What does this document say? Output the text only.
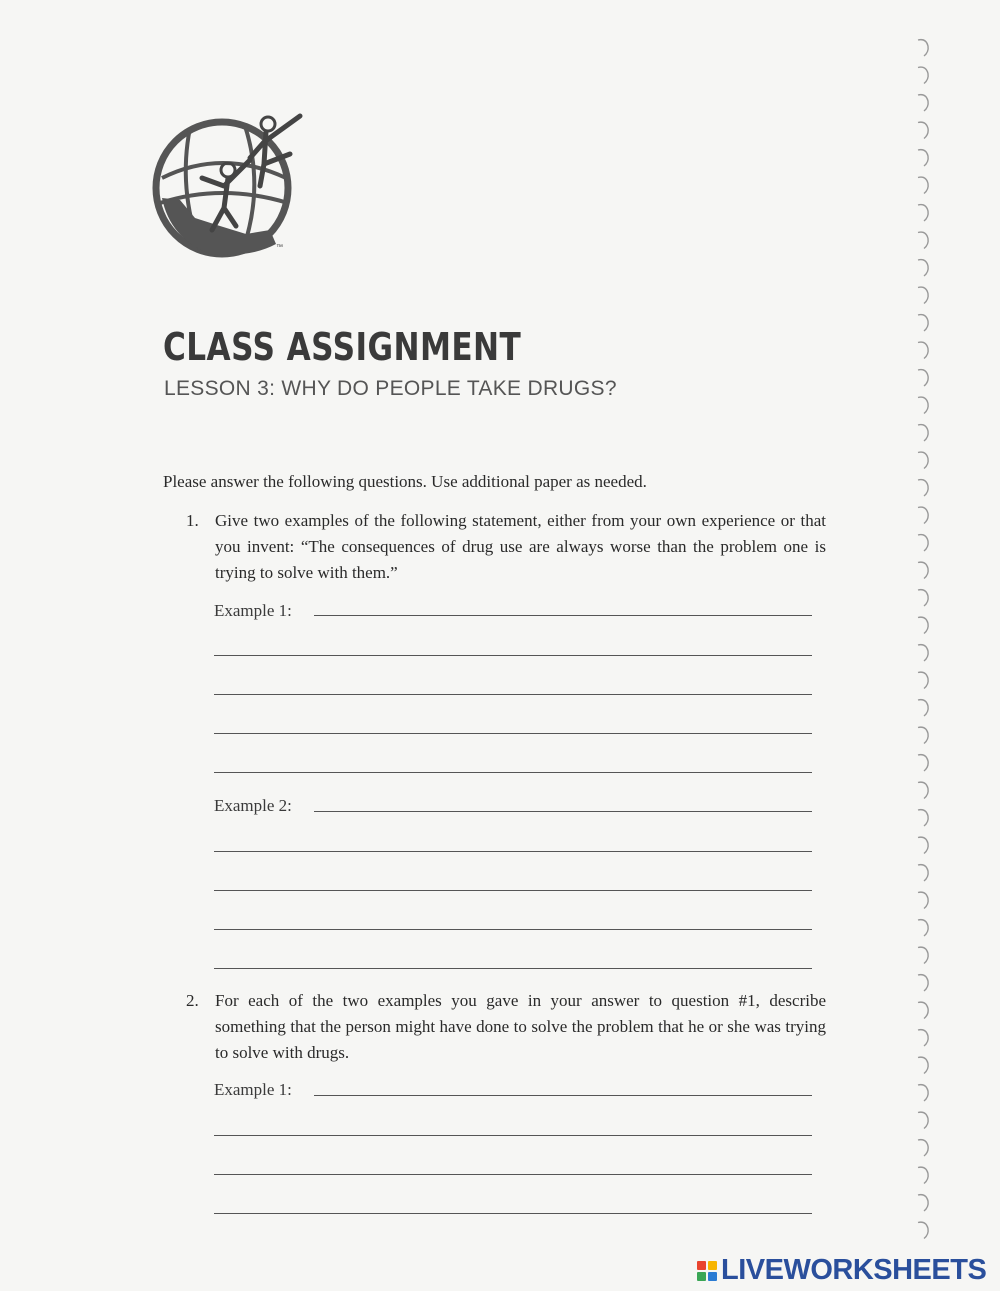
™
CLASS ASSIGNMENT
LESSON 3: WHY DO PEOPLE TAKE DRUGS?
Please answer the following questions. Use additional paper as needed.
1. Give two examples of the following statement, either from your own experience or that you invent: “The consequences of drug use are always worse than the problem one is trying to solve with them.”
Example 1:
Example 2:
2. For each of the two examples you gave in your answer to question #1, describe something that the person might have done to solve the problem that he or she was trying to solve with drugs.
Example 1:
LIVEWORKSHEETS
